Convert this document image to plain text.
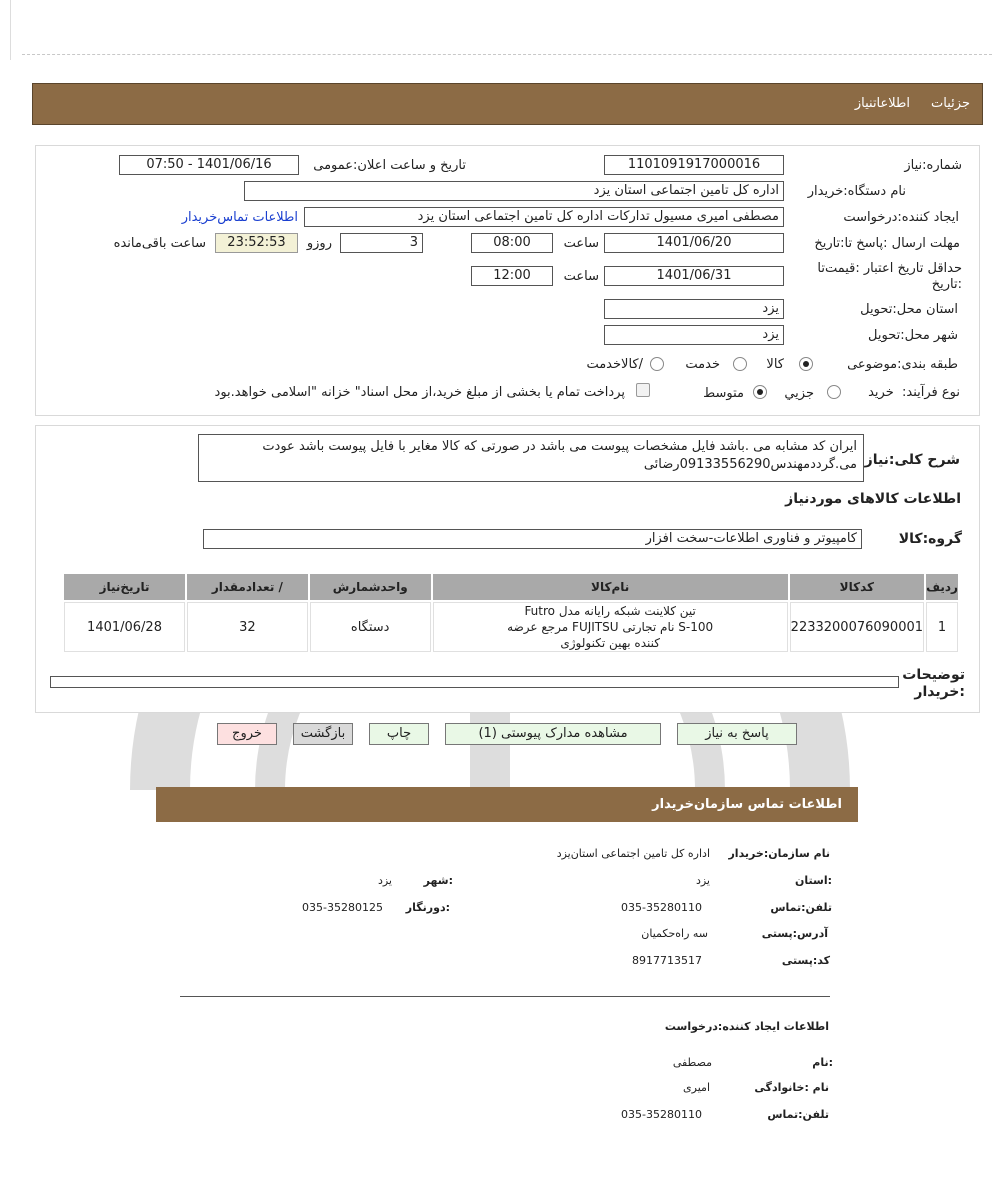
جزئیات
اطلاعاتنیاز
شماره:نیاز
1101091917000016
تاریخ و ساعت اعلان:عمومی
1401/06/16 - 07:50
نام دستگاه:خریدار
اداره کل تامین اجتماعی استان یزد
ایجاد کننده:درخواست
مصطفی امیری مسیول تدارکات اداره کل تامین اجتماعی استان یزد
اطلاعات تماس‌خریدار
مهلت ارسال :پاسخ تا:تاریخ
1401/06/20
ساعت
08:00
3
روزو
23:52:53
ساعت باقی‌مانده
حداقل تاریخ اعتبار :قیمت‌تا :تاریخ
1401/06/31
ساعت
12:00
استان محل:تحویل
یزد
شهر محل:تحویل
یزد
طبقه بندی:موضوعی
کالا
خدمت
/کالاخدمت
نوع فرآیند:  خرید
جزيي
متوسط
پرداخت تمام یا بخشی از مبلغ خرید،از محل اسناد" خزانه "اسلامی خواهد.بود
شرح کلی:نیاز
ایران کد مشابه می .باشد فایل مشخصات پیوست می باشد در صورتی که کالا مغایر با فایل پیوست باشد عودت می.گرددمهندس09133556290رضائی
اطلاعات کالاهای موردنیاز
گروه:کالا
کامپیوتر و فناوری اطلاعات-سخت افزار
ردیف	کدکالا	نام‌کالا	واحدشمارش	/ تعدادمقدار	تاریخ‌نیاز
1	2233200076090001	تین کلاینت شبکه رایانه مدل Futro
S-100 نام تجارتی FUJITSU مرجع عرضه
کننده بهین تکنولوژی	دستگاه	32	1401/06/28
توضیحات :خریدار
پاسخ به نیاز
مشاهده مدارک پیوستی (1)
چاپ
بازگشت
خروج
اطلاعات تماس سازمان‌خریدار
نام سازمان:خریدار
اداره کل تامین اجتماعی استان‌یزد
:استان
یزد
:شهر
یزد
تلفن:تماس
035-35280110
:دورنگار
035-35280125
آدرس:پستی
سه راه‌حکمیان
کد:پستی
8917713517
اطلاعات ایجاد کننده:درخواست
:نام
مصطفی
نام :خانوادگی
امیری
تلفن:تماس
035-35280110
